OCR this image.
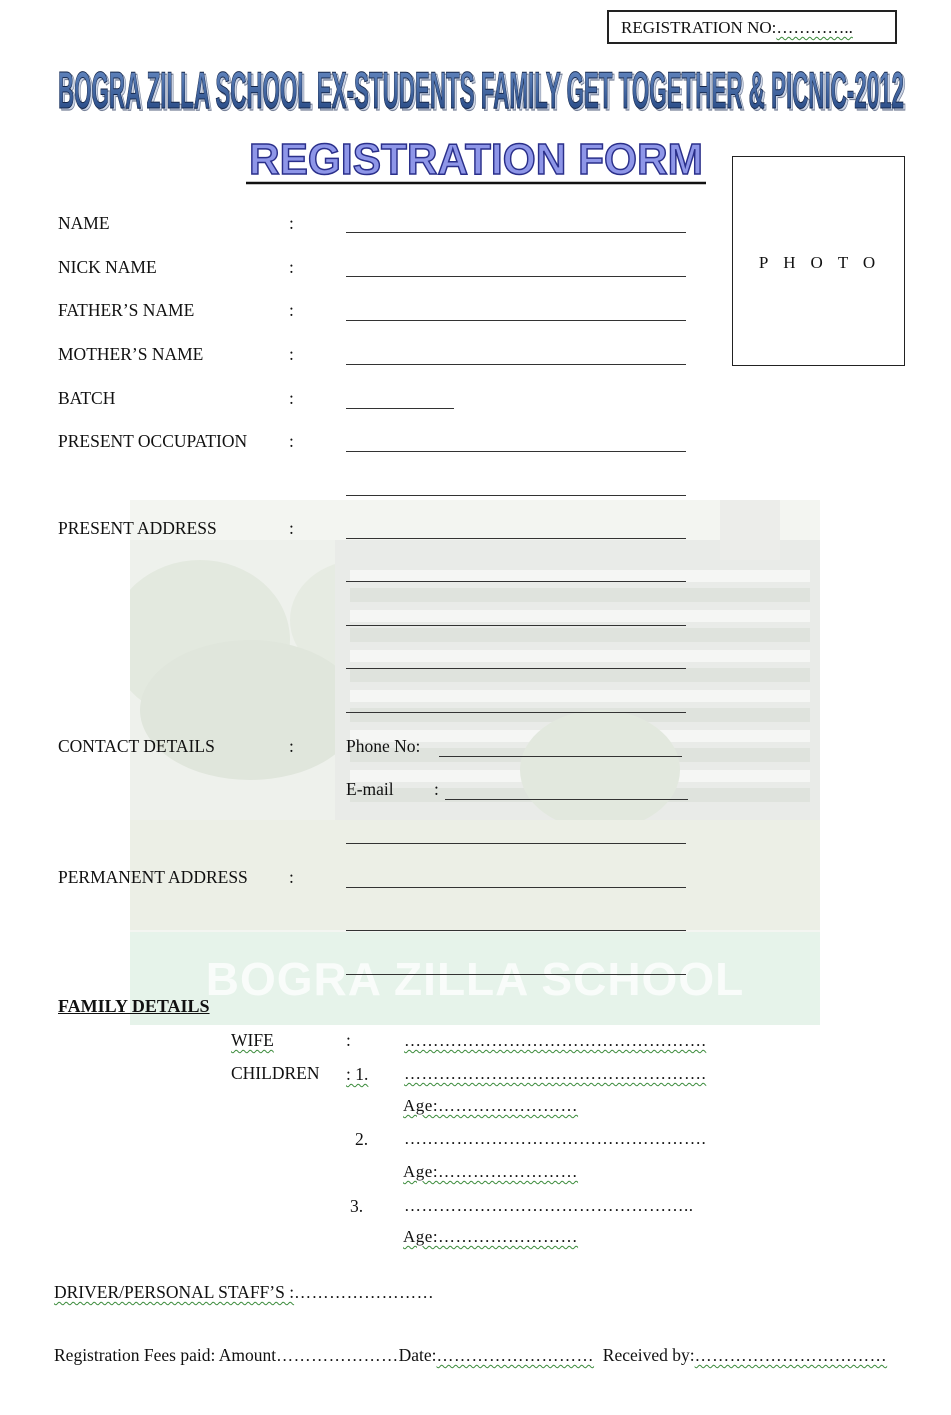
REGISTRATION NO:…………..
BOGRA ZILLA SCHOOL EX-STUDENTS FAMILY GET TOGETHER & PICNIC-2012
BOGRA ZILLA SCHOOL EX-STUDENTS FAMILY GET TOGETHER & PICNIC-2012
REGISTRATION FORM
PHOTO
BOGRA ZILLA SCHOOL
NAME	:
NICK NAME	:
FATHER’S NAME	:
MOTHER’S NAME	:
BATCH	:
PRESENT OCCUPATION :
PRESENT ADDRESS	:
CONTACT DETAILS	:	Phone No:
E-mail :
PERMANENT ADDRESS :
FAMILY DETAILS
WIFE	:	…………………………………………….
CHILDREN : 1. …………………………………………….
Age:……………………
2. …………………………………………….
Age:……………………
3. …………………………………………..
Age:……………………
DRIVER/PERSONAL STAFF’S :……………………
Registration Fees paid: Amount…………………Date:……………………… Received by:……………………………
